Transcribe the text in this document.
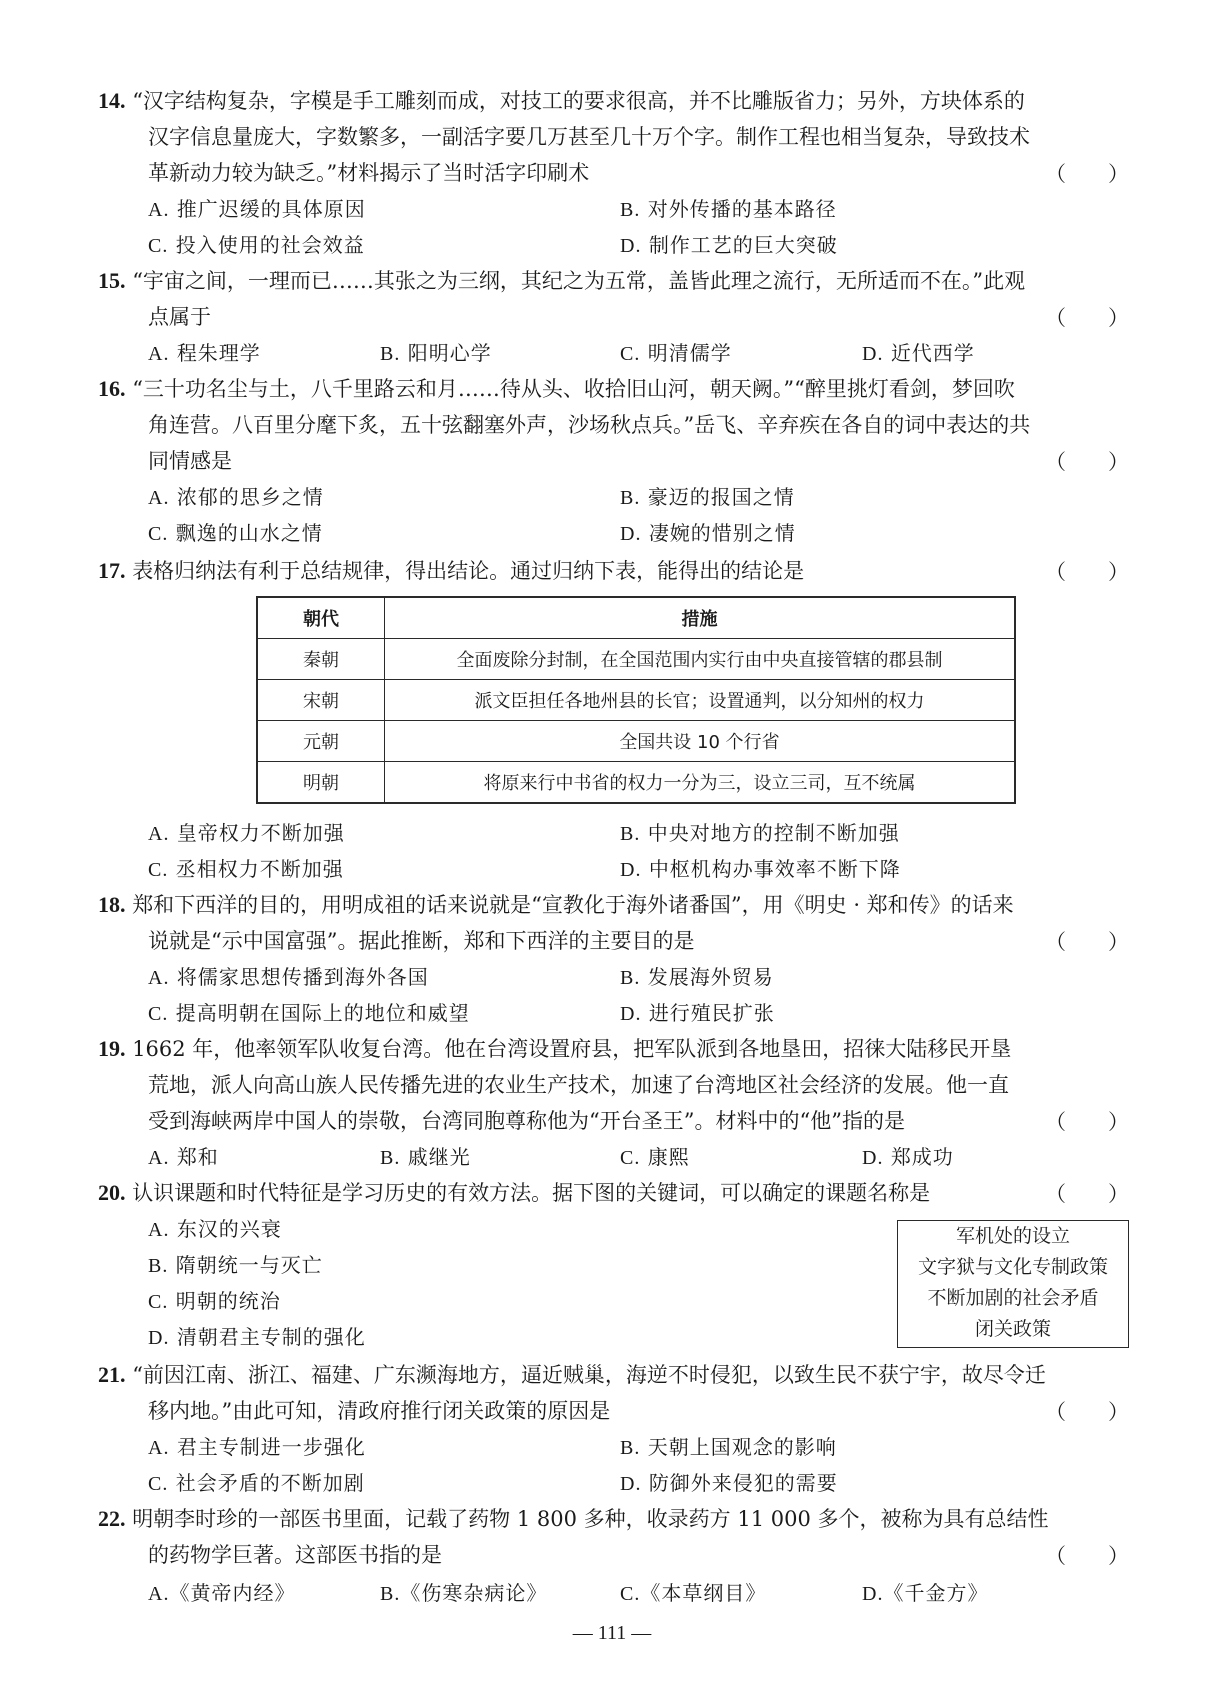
14. “汉字结构复杂，字模是手工雕刻而成，对技工的要求很高，并不比雕版省力；另外，方块体系的
汉字信息量庞大，字数繁多，一副活字要几万甚至几十万个字。制作工程也相当复杂，导致技术
革新动力较为缺乏。”材料揭示了当时活字印刷术	（　　）
A. 推广迟缓的具体原因	B. 对外传播的基本路径
C. 投入使用的社会效益	D. 制作工艺的巨大突破
15. “宇宙之间，一理而已……其张之为三纲，其纪之为五常，盖皆此理之流行，无所适而不在。”此观
点属于	（　　）
A. 程朱理学	B. 阳明心学	C. 明清儒学	D. 近代西学
16. “三十功名尘与土，八千里路云和月……待从头、收拾旧山河，朝天阙。”“醉里挑灯看剑，梦回吹
角连营。八百里分麾下炙，五十弦翻塞外声，沙场秋点兵。”岳飞、辛弃疾在各自的词中表达的共
同情感是	（　　）
A. 浓郁的思乡之情	B. 豪迈的报国之情
C. 飘逸的山水之情	D. 凄婉的惜别之情
17. 表格归纳法有利于总结规律，得出结论。通过归纳下表，能得出的结论是	（　　）
朝代	措施
秦朝	全面废除分封制，在全国范围内实行由中央直接管辖的郡县制
宋朝	派文臣担任各地州县的长官；设置通判，以分知州的权力
元朝	全国共设 10 个行省
明朝	将原来行中书省的权力一分为三，设立三司，互不统属
A. 皇帝权力不断加强	B. 中央对地方的控制不断加强
C. 丞相权力不断加强	D. 中枢机构办事效率不断下降
18. 郑和下西洋的目的，用明成祖的话来说就是“宣教化于海外诸番国”，用《明史 · 郑和传》的话来
说就是“示中国富强”。据此推断，郑和下西洋的主要目的是	（　　）
A. 将儒家思想传播到海外各国	B. 发展海外贸易
C. 提高明朝在国际上的地位和威望	D. 进行殖民扩张
19. 1662 年，他率领军队收复台湾。他在台湾设置府县，把军队派到各地垦田，招徕大陆移民开垦
荒地，派人向高山族人民传播先进的农业生产技术，加速了台湾地区社会经济的发展。他一直
受到海峡两岸中国人的崇敬，台湾同胞尊称他为“开台圣王”。材料中的“他”指的是	（　　）
A. 郑和	B. 戚继光	C. 康熙	D. 郑成功
20. 认识课题和时代特征是学习历史的有效方法。据下图的关键词，可以确定的课题名称是	（　　）
A. 东汉的兴衰
B. 隋朝统一与灭亡
C. 明朝的统治
D. 清朝君主专制的强化
军机处的设立
文字狱与文化专制政策
不断加剧的社会矛盾
闭关政策
21. “前因江南、浙江、福建、广东濒海地方，逼近贼巢，海逆不时侵犯，以致生民不获宁宇，故尽令迁
移内地。”由此可知，清政府推行闭关政策的原因是	（　　）
A. 君主专制进一步强化	B. 天朝上国观念的影响
C. 社会矛盾的不断加剧	D. 防御外来侵犯的需要
22. 明朝李时珍的一部医书里面，记载了药物 1 800 多种，收录药方 11 000 多个，被称为具有总结性
的药物学巨著。这部医书指的是	（　　）
A.《黄帝内经》	B.《伤寒杂病论》	C.《本草纲目》	D.《千金方》
— 111 —
